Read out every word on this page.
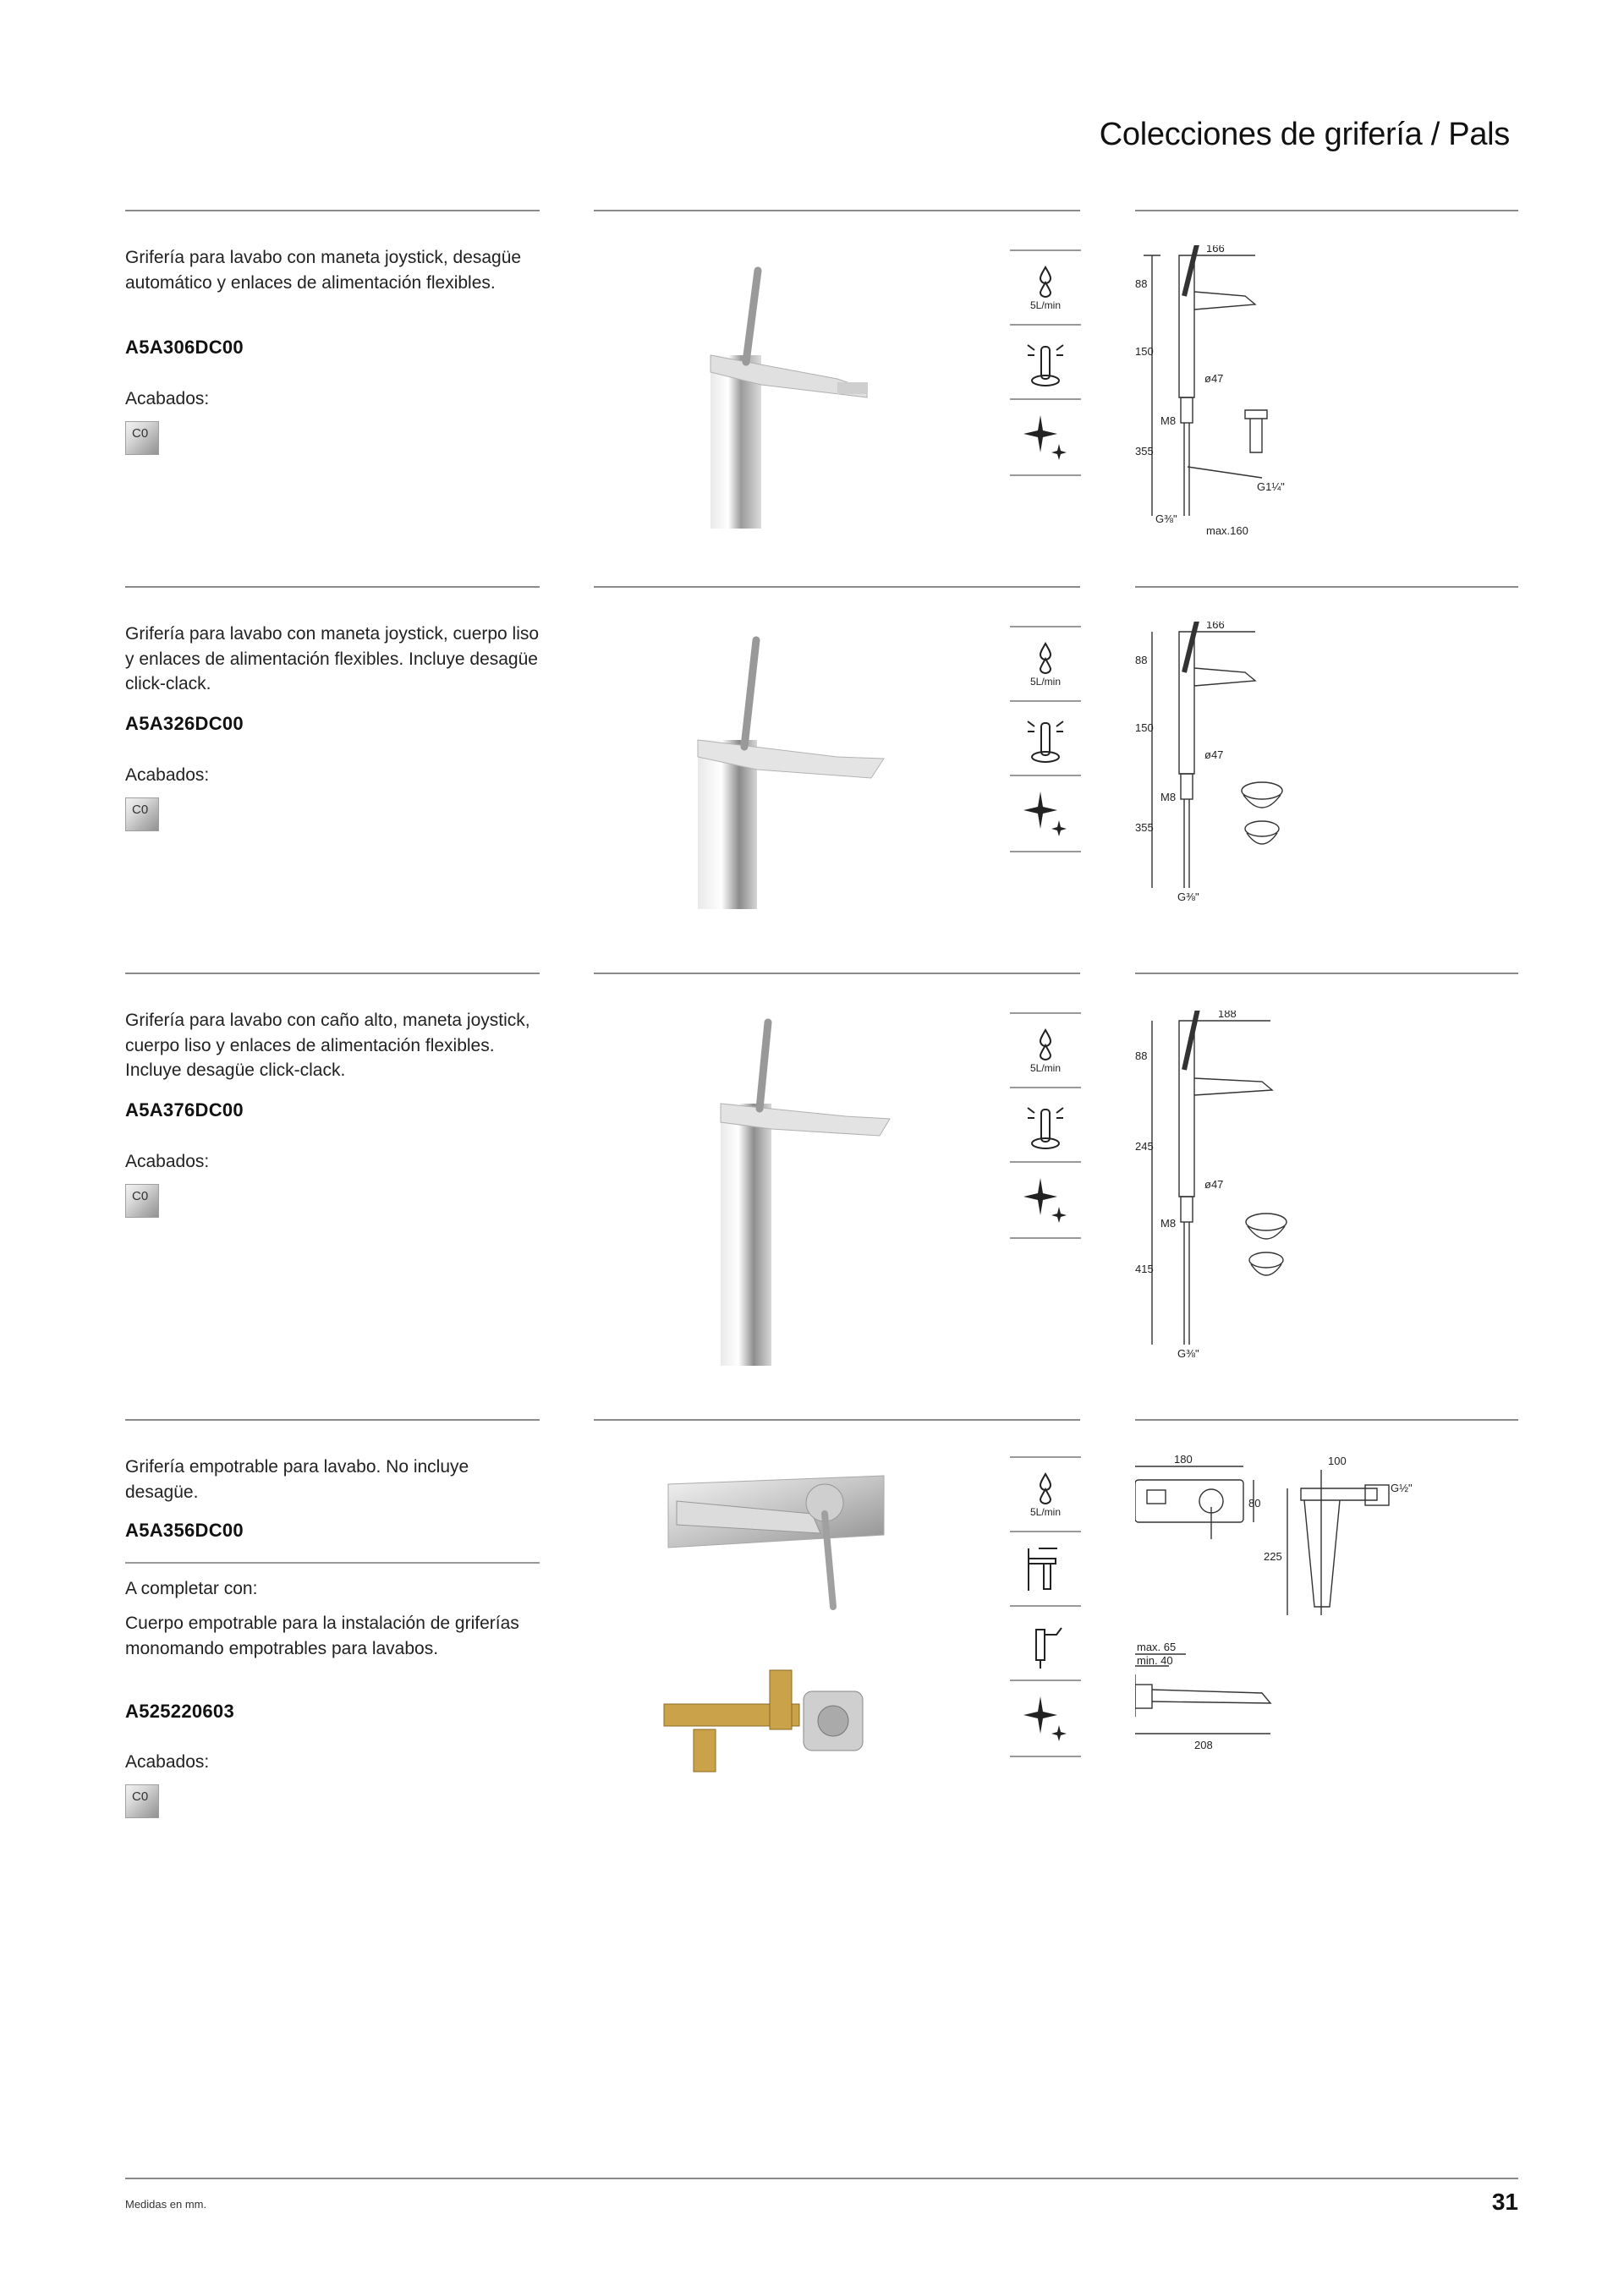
Colecciones de grifería / Pals
Grifería para lavabo con maneta joystick, desagüe automático y enlaces de alimentación flexibles.
A5A306DC00
Acabados:
C0
5L/min
166
88
150
ø47
M8
355
G1¼"
G⅜"
max.160
Grifería para lavabo con maneta joystick, cuerpo liso y enlaces de alimentación flexibles. Incluye desagüe click-clack.
A5A326DC00
Acabados:
C0
5L/min
166
88
150
ø47
M8
355
G⅜"
Grifería para lavabo con caño alto, maneta joystick, cuerpo liso y enlaces de alimentación flexibles. Incluye desagüe click-clack.
A5A376DC00
Acabados:
C0
5L/min
188
88
245
ø47
M8
415
G⅜"
Grifería empotrable para lavabo. No incluye desagüe.
A5A356DC00
A completar con:
Cuerpo empotrable para la instalación de griferías monomando empotrables para lavabos.
A525220603
Acabados:
C0
5L/min
180
80
100
G½"
225
max. 65
min. 40
208
Medidas en mm.	31
